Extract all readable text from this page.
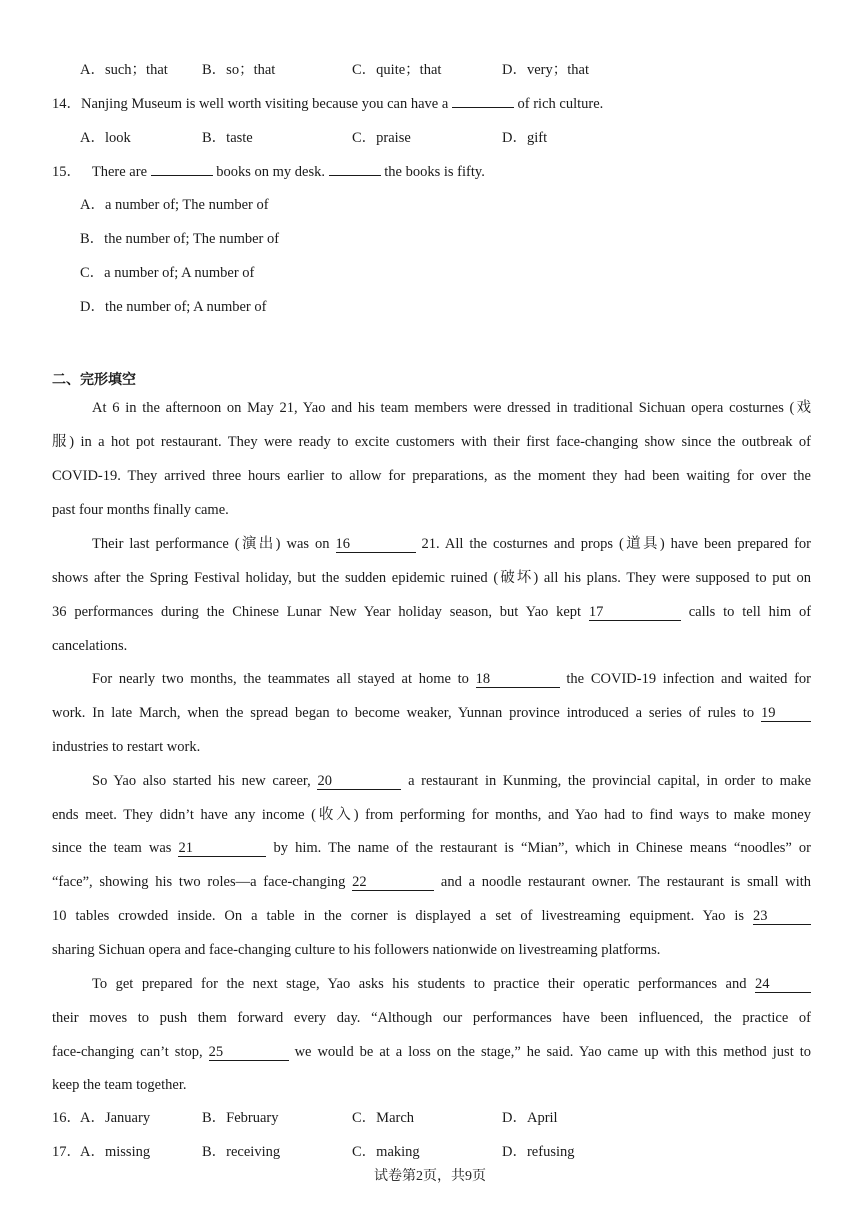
A．such；that B．so；that	C．quite；that	D．very；that
14．Nanjing Museum is well worth visiting because you can have a	of rich culture.
A．look	B．taste	C．praise	D．gift
15． There are	books on my desk.	the books is fifty.
A．a number of; The number of
B．the number of; The number of
C．a number of; A number of
D．the number of; A number of
二、完形填空
At 6 in the afternoon on May 21, Yao and his team members were dressed in traditional Sichuan opera costurnes (戏
服) in a hot pot restaurant. They were ready to excite customers with their first face-changing show since the outbreak of
COVID-19. They arrived three hours earlier to allow for preparations, as the moment they had been waiting for over the
past four months finally came.
Their last performance (演出) was on 16	21. All the costurnes and props (道具) have been prepared for
shows after the Spring Festival holiday, but the sudden epidemic ruined (破坏) all his plans. They were supposed to put on
36 performances during the Chinese Lunar New Year holiday season, but Yao kept 17	calls to tell him of
cancelations.
For nearly two months, the teammates all stayed at home to 18	the COVID-19 infection and waited for
work. In late March, when the spread began to become weaker, Yunnan province introduced a series of rules to 19
industries to restart work.
So Yao also started his new career, 20	a restaurant in Kunming, the provincial capital, in order to make
ends meet. They didn’t have any income (收入) from performing for months, and Yao had to find ways to make money
since the team was 21	by him. The name of the restaurant is “Mian”, which in Chinese means “noodles” or
“face”, showing his two roles—a face-changing 22	and a noodle restaurant owner. The restaurant is small with
10 tables crowded inside. On a table in the corner is displayed a set of livestreaming equipment. Yao is 23
sharing Sichuan opera and face-changing culture to his followers nationwide on livestreaming platforms.
To get prepared for the next stage, Yao asks his students to practice their operatic performances and 24
their moves to push them forward every day. “Although our performances have been influenced, the practice of
face-changing can’t stop, 25	we would be at a loss on the stage,” he said. Yao came up with this method just to
keep the team together.
16． A．January	B．February	C．March	D．April
17． A．missing	B．receiving	C．making	D．refusing
试卷第2页，共9页
